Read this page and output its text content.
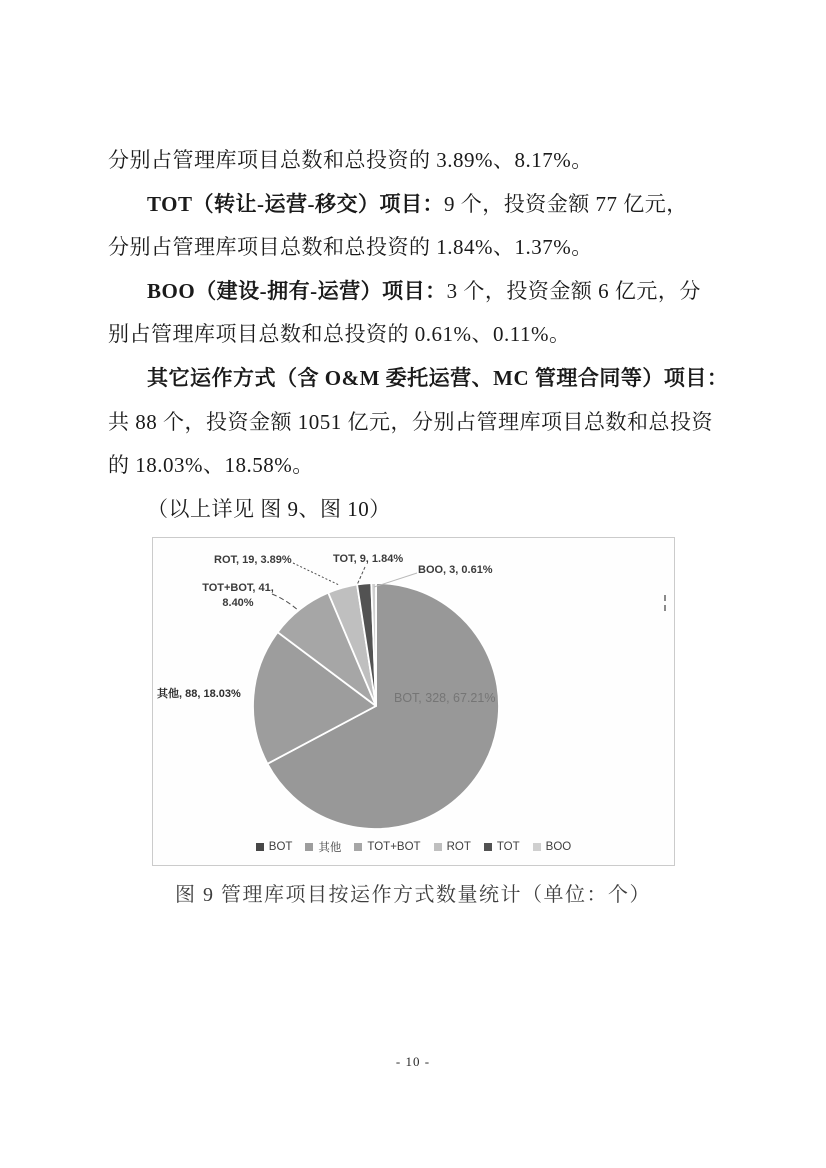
分别占管理库项目总数和总投资的 3.89%、8.17%。
TOT（转让-运营-移交）项目：9 个，投资金额 77 亿元，
分别占管理库项目总数和总投资的 1.84%、1.37%。
BOO（建设-拥有-运营）项目：3 个，投资金额 6 亿元，分
别占管理库项目总数和总投资的 0.61%、0.11%。
其它运作方式（含 O&M 委托运营、MC 管理合同等）项目：
共 88 个，投资金额 1051 亿元，分别占管理库项目总数和总投资
的 18.03%、18.58%。
（以上详见 图 9、图 10）
ROT, 19, 3.89%	TOT, 9, 1.84%
BOO, 3, 0.61%
TOT+BOT, 41,
8.40%
其他, 88, 18.03%	BOT, 328, 67.21%
BOT 其他 TOT+BOT ROT TOT BOO
图 9 管理库项目按运作方式数量统计（单位：个）
- 10 -
